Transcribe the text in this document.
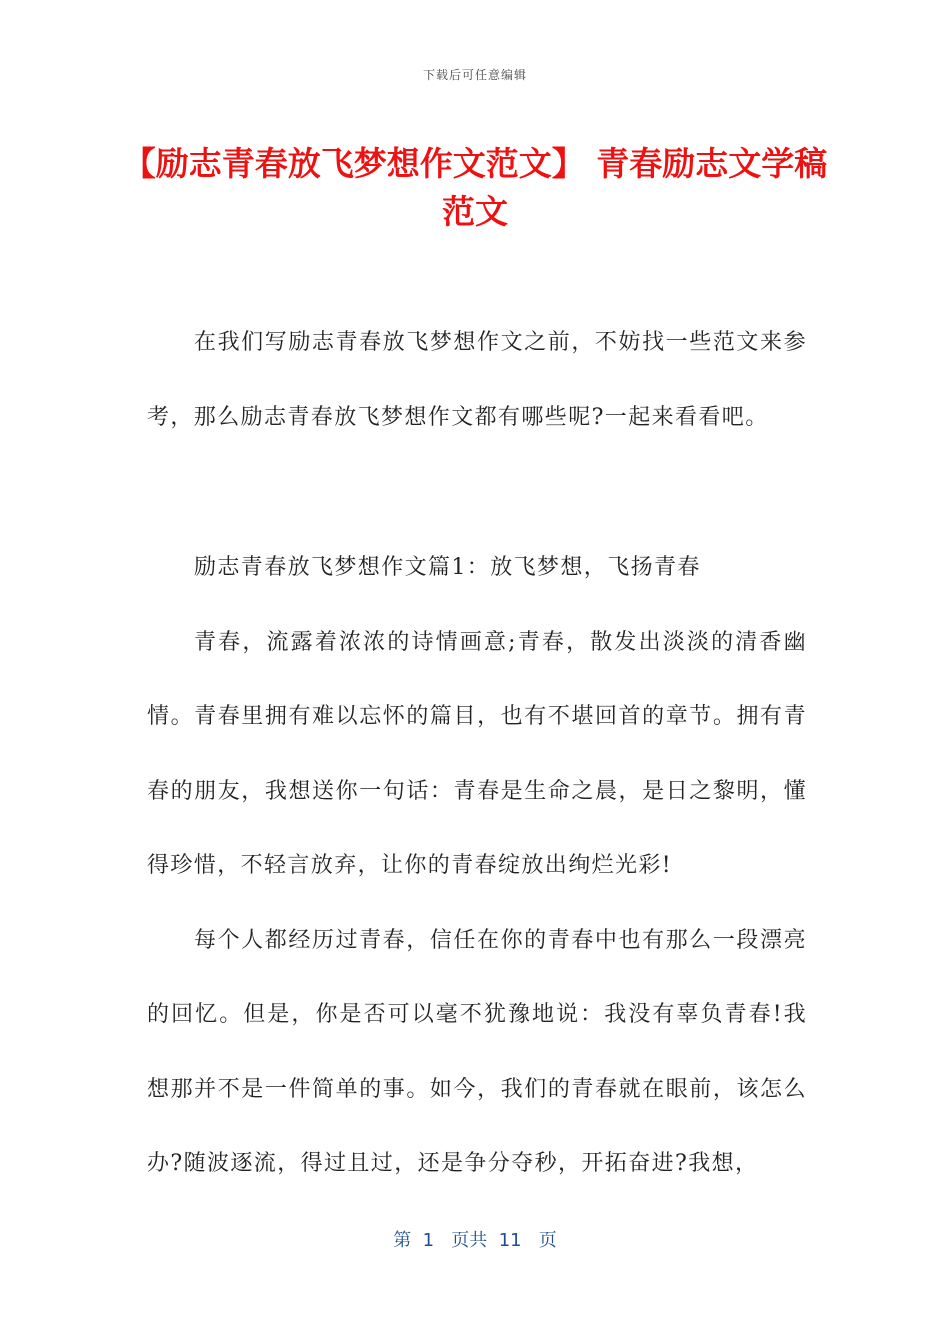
下载后可任意编辑
【励志青春放飞梦想作文范文】 青春励志文学稿范文
在我们写励志青春放飞梦想作文之前，不妨找一些范文来参考，那么励志青春放飞梦想作文都有哪些呢?一起来看看吧。
励志青春放飞梦想作文篇1：放飞梦想，飞扬青春
青春，流露着浓浓的诗情画意;青春，散发出淡淡的清香幽情。青春里拥有难以忘怀的篇目，也有不堪回首的章节。拥有青春的朋友，我想送你一句话：青春是生命之晨，是日之黎明，懂得珍惜，不轻言放弃，让你的青春绽放出绚烂光彩!
每个人都经历过青春，信任在你的青春中也有那么一段漂亮的回忆。但是，你是否可以毫不犹豫地说：我没有辜负青春!我想那并不是一件简单的事。如今，我们的青春就在眼前，该怎么办?随波逐流，得过且过，还是争分夺秒，开拓奋进?我想，
第  1   页共  11   页
